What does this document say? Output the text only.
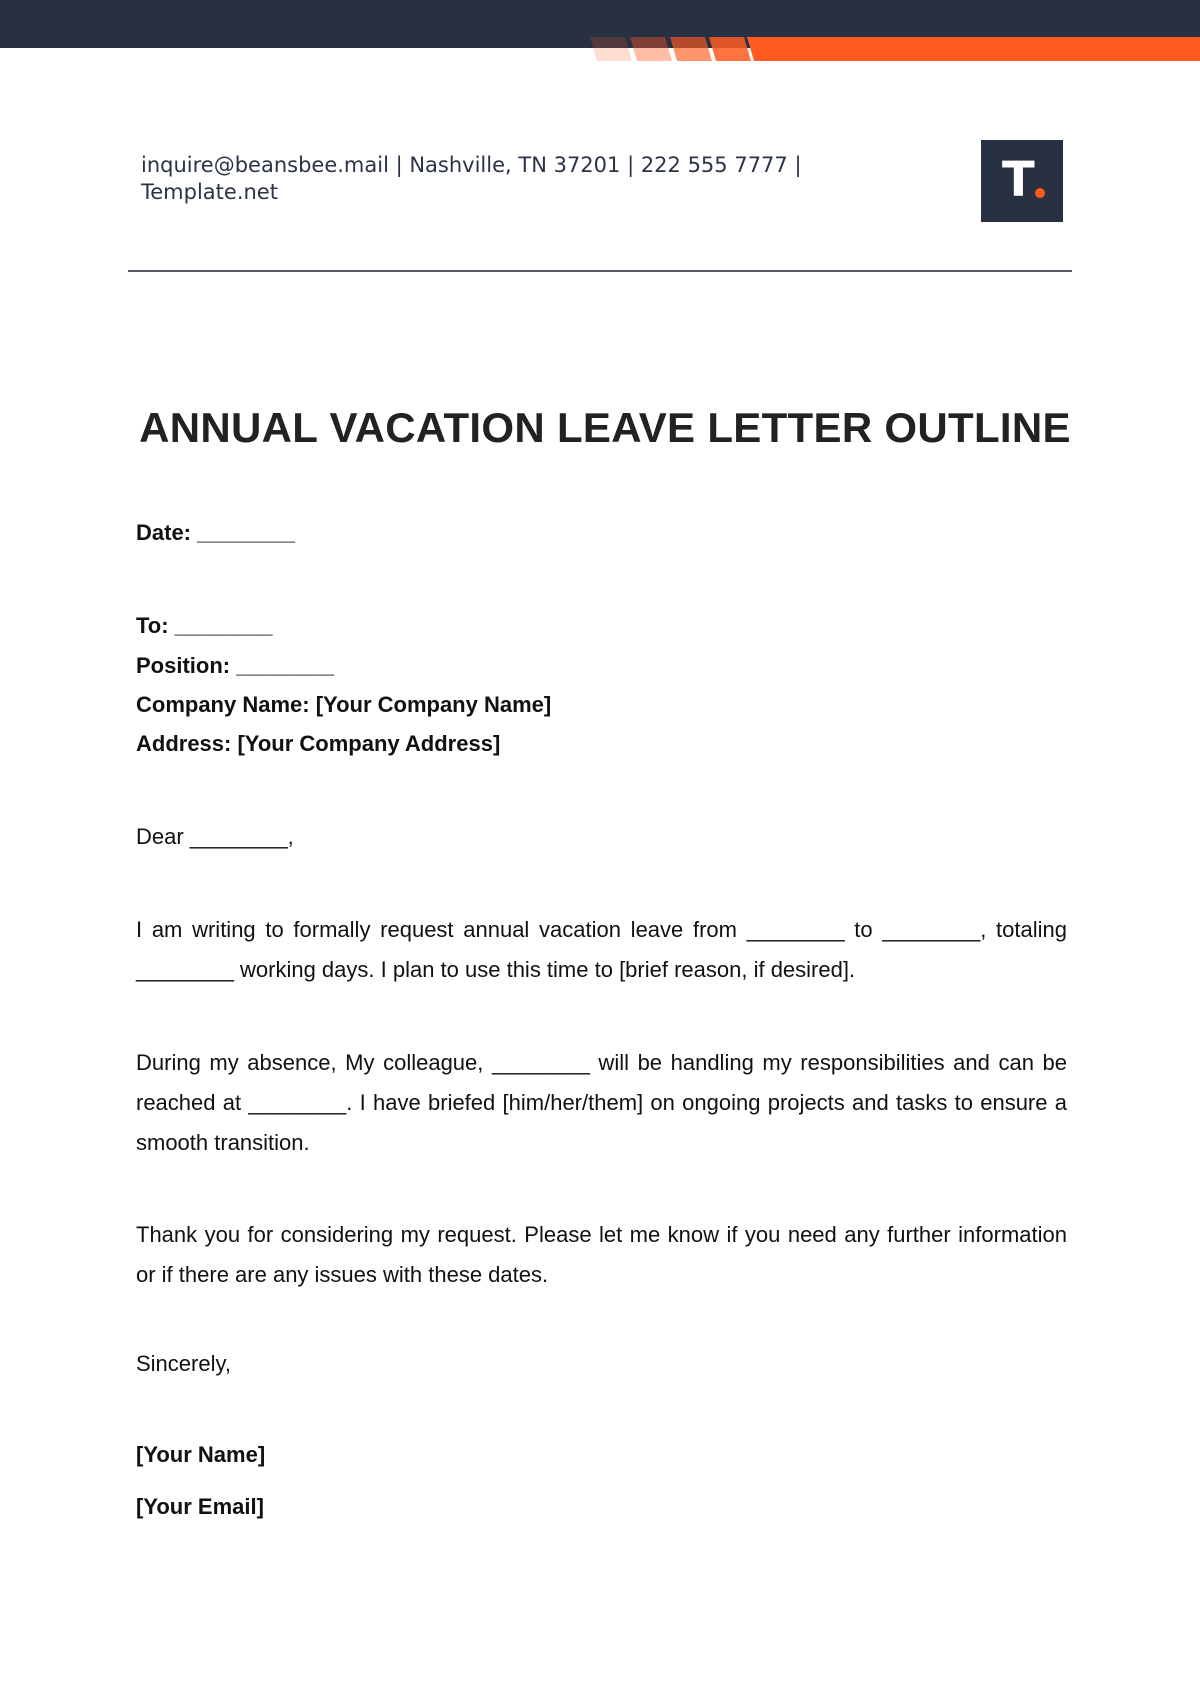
inquire@beansbee.mail | Nashville, TN 37201 | 222 555 7777 |
Template.net	T
ANNUAL VACATION LEAVE LETTER OUTLINE
Date: ________
To: ________
Position: ________
Company Name: [Your Company Name]
Address: [Your Company Address]
Dear ________,
I am writing to formally request annual vacation leave from ________ to ________, totaling ________ working days. I plan to use this time to [brief reason, if desired].
During my absence, My colleague, ________ will be handling my responsibilities and can be reached at ________. I have briefed [him/her/them] on ongoing projects and tasks to ensure a smooth transition.
Thank you for considering my request. Please let me know if you need any further information or if there are any issues with these dates.
Sincerely,
[Your Name]
[Your Email]
